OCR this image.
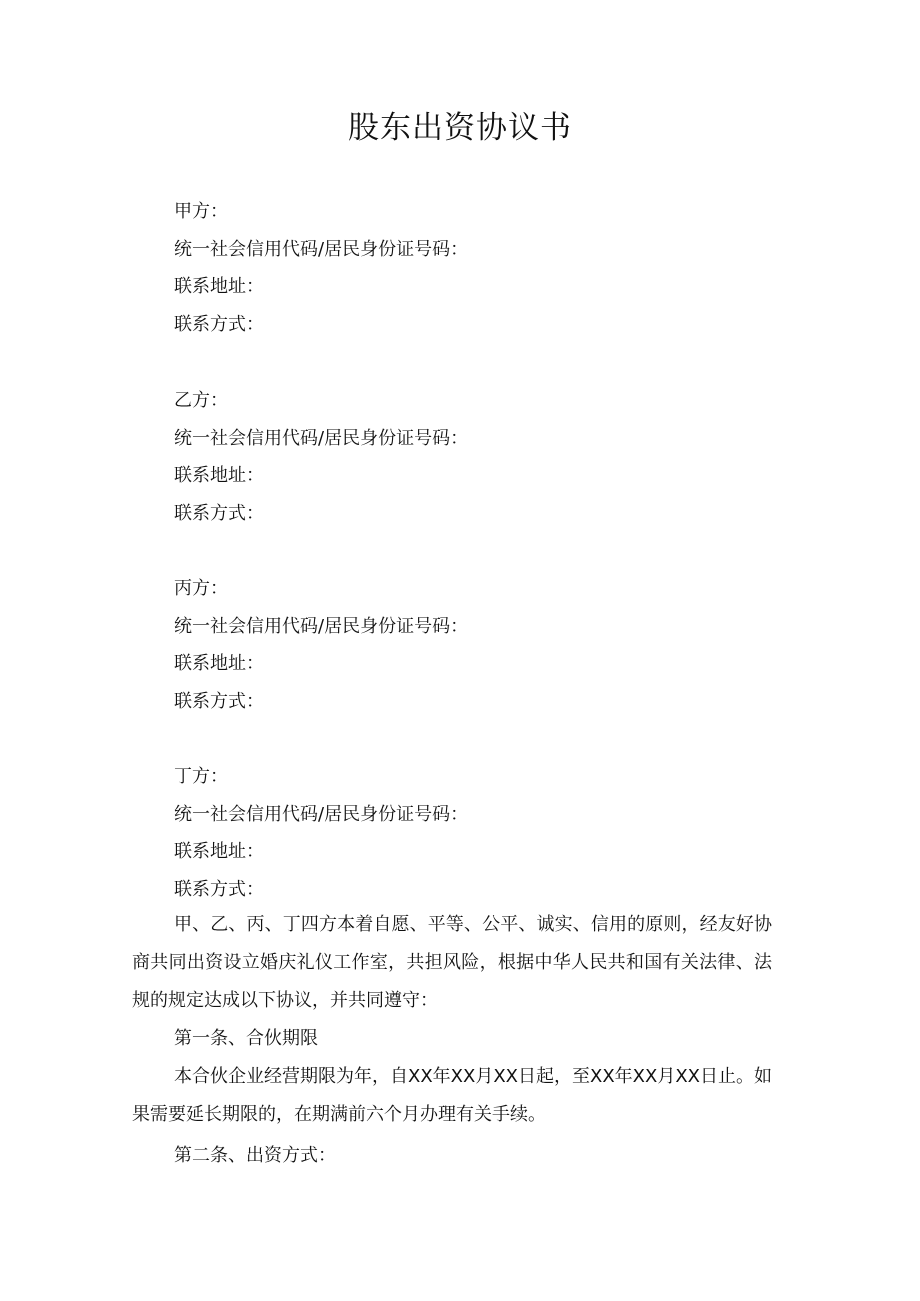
股东出资协议书
甲方：
统一社会信用代码/居民身份证号码：
联系地址：
联系方式：
乙方：
统一社会信用代码/居民身份证号码：
联系地址：
联系方式：
丙方：
统一社会信用代码/居民身份证号码：
联系地址：
联系方式：
丁方：
统一社会信用代码/居民身份证号码：
联系地址：
联系方式：

甲、乙、丙、丁四方本着自愿、平等、公平、诚实、信用的原则，经友好协商共同出资设立婚庆礼仪工作室，共担风险，根据中华人民共和国有关法律、法规的规定达成以下协议，并共同遵守：

第一条、合伙期限

本合伙企业经营期限为年，自XX年XX月XX日起，至XX年XX月XX日止。如果需要延长期限的，在期满前六个月办理有关手续。

第二条、出资方式：
